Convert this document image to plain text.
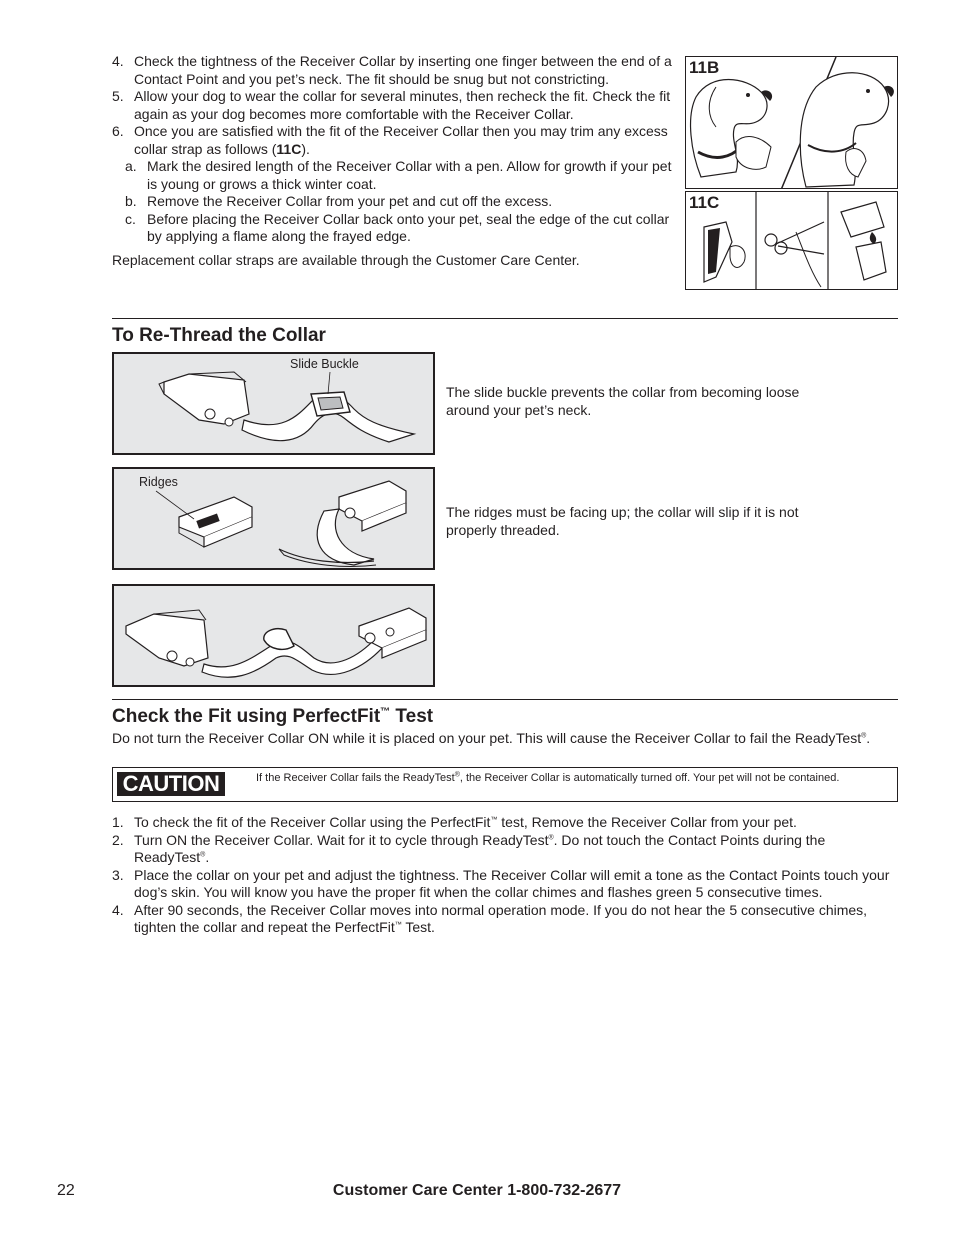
4. Check the tightness of the Receiver Collar by inserting one finger between the end of a Contact Point and you pet’s neck. The fit should be snug but not constricting.
5. Allow your dog to wear the collar for several minutes, then recheck the fit. Check the fit again as your dog becomes more comfortable with the Receiver Collar.
6. Once you are satisfied with the fit of the Receiver Collar then you may trim any excess collar strap as follows (11C).
a. Mark the desired length of the Receiver Collar with a pen. Allow for growth if your pet is young or grows a thick winter coat.
b. Remove the Receiver Collar from your pet and cut off the excess.
c. Before placing the Receiver Collar back onto your pet, seal the edge of the cut collar by applying a flame along the frayed edge.
Replacement collar straps are available through the Customer Care Center.
11B
11C
To Re-Thread the Collar
Slide Buckle
The slide buckle prevents the collar from becoming loose around your pet’s neck.
Ridges
The ridges must be facing up; the collar will slip if it is not properly threaded.
Check the Fit using PerfectFit™ Test
Do not turn the Receiver Collar ON while it is placed on your pet. This will cause the Receiver Collar to fail the ReadyTest®.
CAUTION	If the Receiver Collar fails the ReadyTest®, the Receiver Collar is automatically turned off. Your pet will not be contained.
1. To check the fit of the Receiver Collar using the PerfectFit™ test, Remove the Receiver Collar from your pet.
2. Turn ON the Receiver Collar. Wait for it to cycle through ReadyTest®. Do not touch the Contact Points during the ReadyTest®.
3. Place the collar on your pet and adjust the tightness. The Receiver Collar will emit a tone as the Contact Points touch your dog’s skin. You will know you have the proper fit when the collar chimes and flashes green 5 consecutive times.
4. After 90 seconds, the Receiver Collar moves into normal operation mode. If you do not hear the 5 consecutive chimes, tighten the collar and repeat the PerfectFit™ Test.
22	Customer Care Center 1-800-732-2677
